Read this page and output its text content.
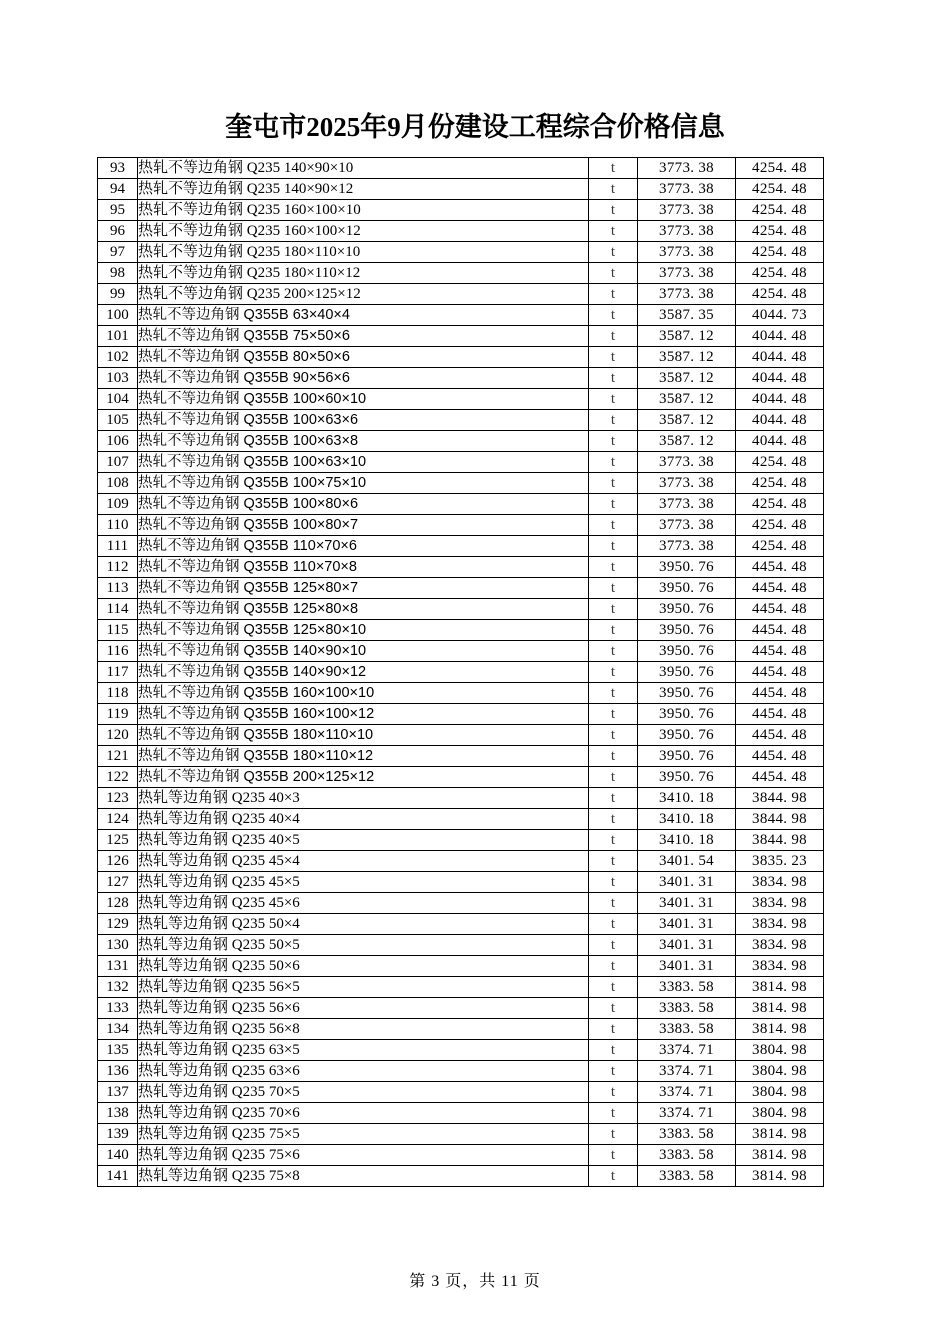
奎屯市2025年9月份建设工程综合价格信息
93	热轧不等边角钢 Q235 140×90×10	t	3773. 38	4254. 48
94	热轧不等边角钢 Q235 140×90×12	t	3773. 38	4254. 48
95	热轧不等边角钢 Q235 160×100×10	t	3773. 38	4254. 48
96	热轧不等边角钢 Q235 160×100×12	t	3773. 38	4254. 48
97	热轧不等边角钢 Q235 180×110×10	t	3773. 38	4254. 48
98	热轧不等边角钢 Q235 180×110×12	t	3773. 38	4254. 48
99	热轧不等边角钢 Q235 200×125×12	t	3773. 38	4254. 48
100	热轧不等边角钢 Q355B 63×40×4	t	3587. 35	4044. 73
101	热轧不等边角钢 Q355B 75×50×6	t	3587. 12	4044. 48
102	热轧不等边角钢 Q355B 80×50×6	t	3587. 12	4044. 48
103	热轧不等边角钢 Q355B 90×56×6	t	3587. 12	4044. 48
104	热轧不等边角钢 Q355B 100×60×10	t	3587. 12	4044. 48
105	热轧不等边角钢 Q355B 100×63×6	t	3587. 12	4044. 48
106	热轧不等边角钢 Q355B 100×63×8	t	3587. 12	4044. 48
107	热轧不等边角钢 Q355B 100×63×10	t	3773. 38	4254. 48
108	热轧不等边角钢 Q355B 100×75×10	t	3773. 38	4254. 48
109	热轧不等边角钢 Q355B 100×80×6	t	3773. 38	4254. 48
110	热轧不等边角钢 Q355B 100×80×7	t	3773. 38	4254. 48
111	热轧不等边角钢 Q355B 110×70×6	t	3773. 38	4254. 48
112	热轧不等边角钢 Q355B 110×70×8	t	3950. 76	4454. 48
113	热轧不等边角钢 Q355B 125×80×7	t	3950. 76	4454. 48
114	热轧不等边角钢 Q355B 125×80×8	t	3950. 76	4454. 48
115	热轧不等边角钢 Q355B 125×80×10	t	3950. 76	4454. 48
116	热轧不等边角钢 Q355B 140×90×10	t	3950. 76	4454. 48
117	热轧不等边角钢 Q355B 140×90×12	t	3950. 76	4454. 48
118	热轧不等边角钢 Q355B 160×100×10	t	3950. 76	4454. 48
119	热轧不等边角钢 Q355B 160×100×12	t	3950. 76	4454. 48
120	热轧不等边角钢 Q355B 180×110×10	t	3950. 76	4454. 48
121	热轧不等边角钢 Q355B 180×110×12	t	3950. 76	4454. 48
122	热轧不等边角钢 Q355B 200×125×12	t	3950. 76	4454. 48
123	热轧等边角钢 Q235 40×3	t	3410. 18	3844. 98
124	热轧等边角钢 Q235 40×4	t	3410. 18	3844. 98
125	热轧等边角钢 Q235 40×5	t	3410. 18	3844. 98
126	热轧等边角钢 Q235 45×4	t	3401. 54	3835. 23
127	热轧等边角钢 Q235 45×5	t	3401. 31	3834. 98
128	热轧等边角钢 Q235 45×6	t	3401. 31	3834. 98
129	热轧等边角钢 Q235 50×4	t	3401. 31	3834. 98
130	热轧等边角钢 Q235 50×5	t	3401. 31	3834. 98
131	热轧等边角钢 Q235 50×6	t	3401. 31	3834. 98
132	热轧等边角钢 Q235 56×5	t	3383. 58	3814. 98
133	热轧等边角钢 Q235 56×6	t	3383. 58	3814. 98
134	热轧等边角钢 Q235 56×8	t	3383. 58	3814. 98
135	热轧等边角钢 Q235 63×5	t	3374. 71	3804. 98
136	热轧等边角钢 Q235 63×6	t	3374. 71	3804. 98
137	热轧等边角钢 Q235 70×5	t	3374. 71	3804. 98
138	热轧等边角钢 Q235 70×6	t	3374. 71	3804. 98
139	热轧等边角钢 Q235 75×5	t	3383. 58	3814. 98
140	热轧等边角钢 Q235 75×6	t	3383. 58	3814. 98
141	热轧等边角钢 Q235 75×8	t	3383. 58	3814. 98
第 3 页，共 11 页
